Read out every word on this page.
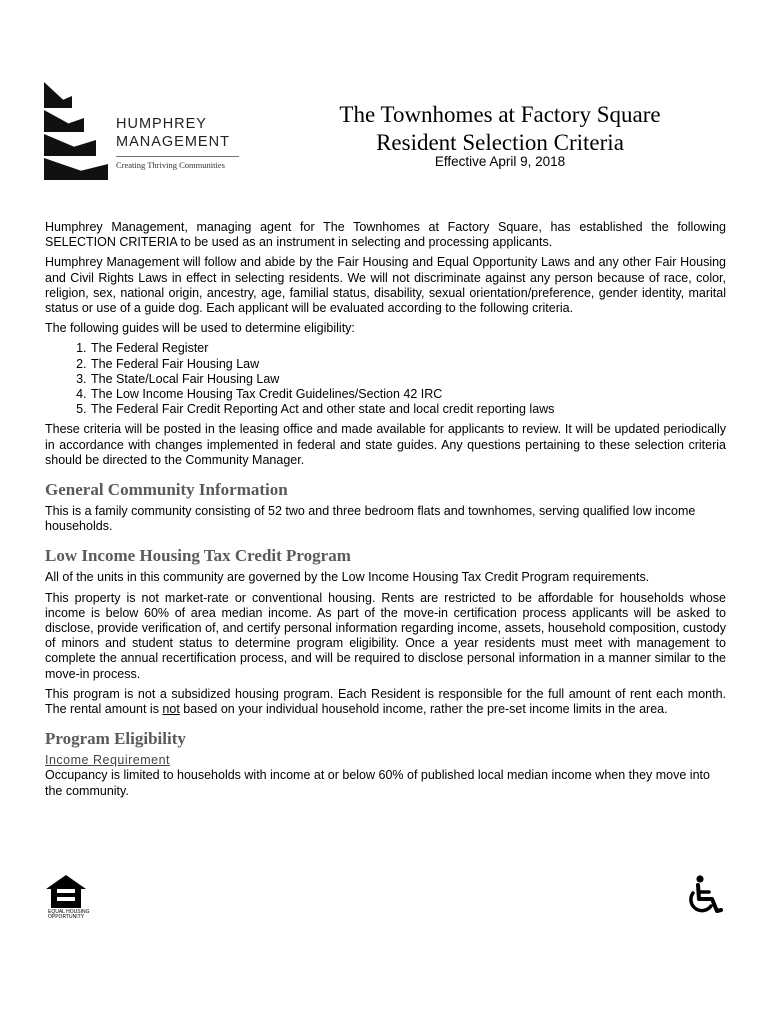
HUMPHREY
MANAGEMENT
Creating Thriving Communities
The Townhomes at Factory Square
Resident Selection Criteria
Effective April 9, 2018

Humphrey Management, managing agent for The Townhomes at Factory Square, has established the following SELECTION CRITERIA to be used as an instrument in selecting and processing applicants.

Humphrey Management will follow and abide by the Fair Housing and Equal Opportunity Laws and any other Fair Housing and Civil Rights Laws in effect in selecting residents. We will not discriminate against any person because of race, color, religion, sex, national origin, ancestry, age, familial status, disability, sexual orientation/preference, gender identity, marital status or use of a guide dog. Each applicant will be evaluated according to the following criteria.

The following guides will be used to determine eligibility:

1. The Federal Register
2. The Federal Fair Housing Law
3. The State/Local Fair Housing Law
4. The Low Income Housing Tax Credit Guidelines/Section 42 IRC
5. The Federal Fair Credit Reporting Act and other state and local credit reporting laws

These criteria will be posted in the leasing office and made available for applicants to review. It will be updated periodically in accordance with changes implemented in federal and state guides. Any questions pertaining to these selection criteria should be directed to the Community Manager.

General Community Information

This is a family community consisting of 52 two and three bedroom flats and townhomes, serving qualified low income households.

Low Income Housing Tax Credit Program

All of the units in this community are governed by the Low Income Housing Tax Credit Program requirements.

This property is not market-rate or conventional housing. Rents are restricted to be affordable for households whose income is below 60% of area median income. As part of the move-in certification process applicants will be asked to disclose, provide verification of, and certify personal information regarding income, assets, household composition, custody of minors and student status to determine program eligibility. Once a year residents must meet with management to complete the annual recertification process, and will be required to disclose personal information in a manner similar to the move-in process.

This program is not a subsidized housing program. Each Resident is responsible for the full amount of rent each month. The rental amount is not based on your individual household income, rather the pre-set income limits in the area.

Program Eligibility
Income Requirement

Occupancy is limited to households with income at or below 60% of published local median income when they move into the community.

EQUAL HOUSING
OPPORTUNITY
